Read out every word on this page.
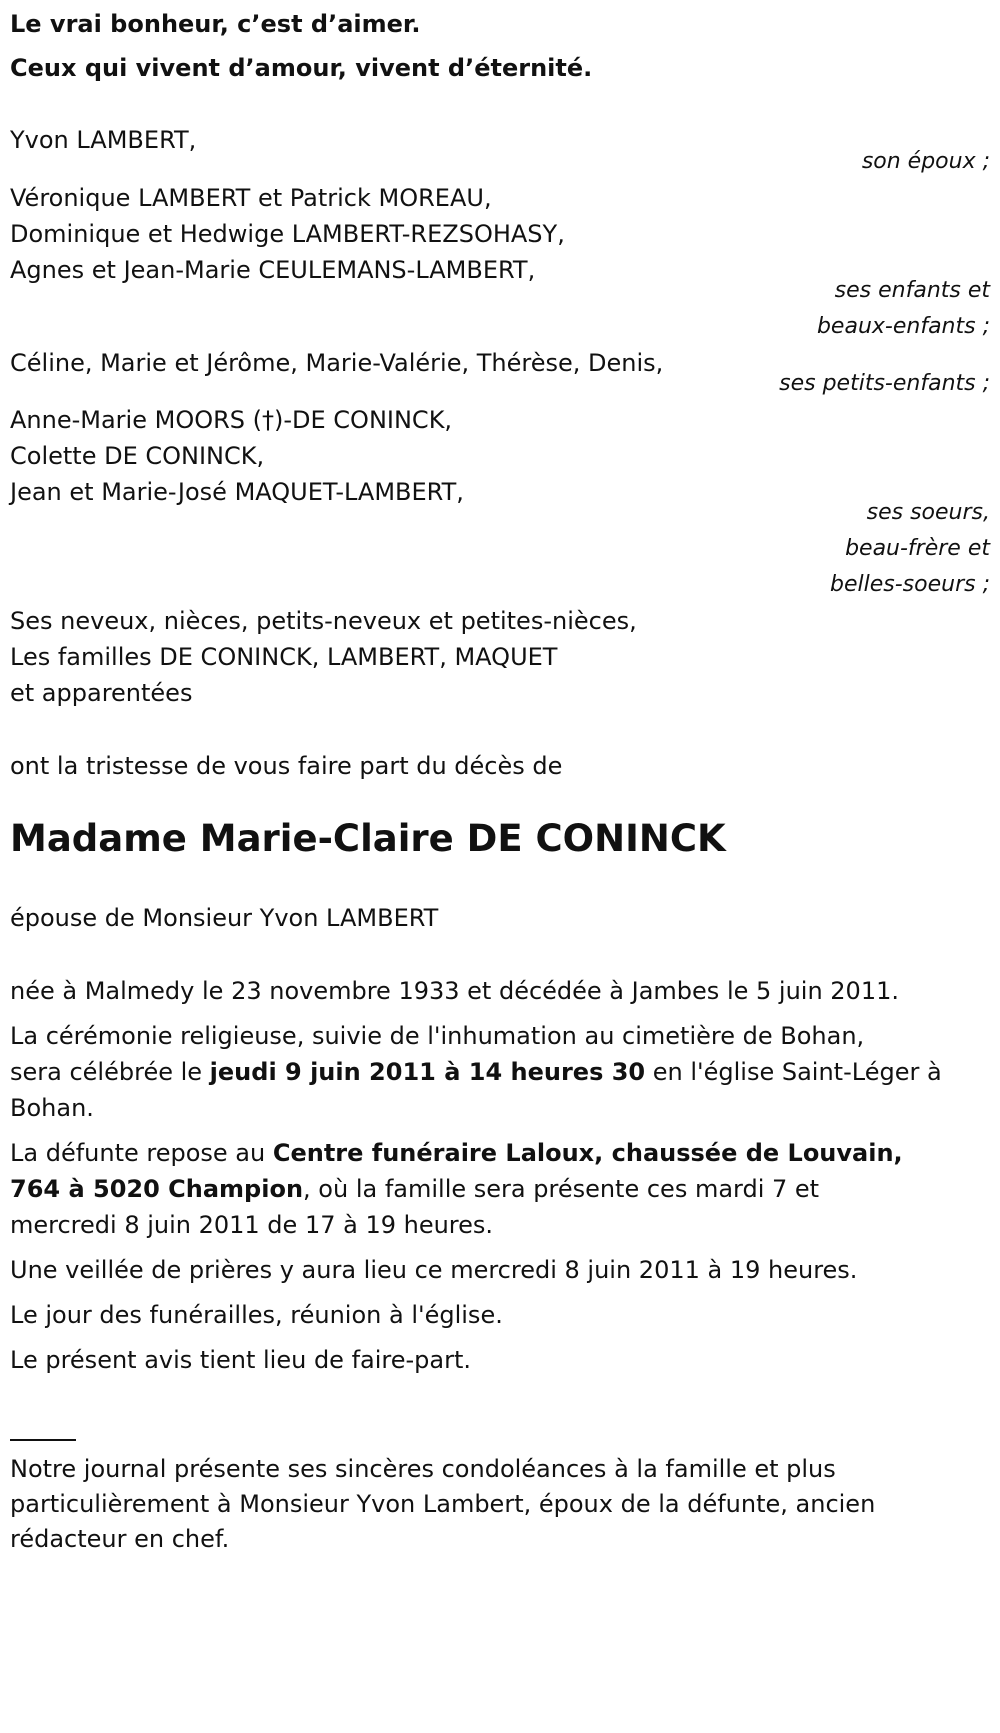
Le vrai bonheur, c’est d’aimer.
Ceux qui vivent d’amour, vivent d’éternité.
Yvon LAMBERT,
son époux ;
Véronique LAMBERT et Patrick MOREAU,
Dominique et Hedwige LAMBERT-REZSOHASY,
Agnes et Jean-Marie CEULEMANS-LAMBERT,
ses enfants et
beaux-enfants ;
Céline, Marie et Jérôme, Marie-Valérie, Thérèse, Denis,
ses petits-enfants ;
Anne-Marie MOORS (†)-DE CONINCK,
Colette DE CONINCK,
Jean et Marie-José MAQUET-LAMBERT,
ses soeurs,
beau-frère et
belles-soeurs ;
Ses neveux, nièces, petits-neveux et petites-nièces,
Les familles DE CONINCK, LAMBERT, MAQUET
et apparentées
ont la tristesse de vous faire part du décès de
Madame Marie-Claire DE CONINCK
épouse de Monsieur Yvon LAMBERT
née à Malmedy le 23 novembre 1933 et décédée à Jambes le 5 juin 2011.
La cérémonie religieuse, suivie de l'inhumation au cimetière de Bohan,
sera célébrée le jeudi 9 juin 2011 à 14 heures 30 en l'église Saint-Léger à
Bohan.
La défunte repose au Centre funéraire Laloux, chaussée de Louvain,
764 à 5020 Champion, où la famille sera présente ces mardi 7 et
mercredi 8 juin 2011 de 17 à 19 heures.
Une veillée de prières y aura lieu ce mercredi 8 juin 2011 à 19 heures.
Le jour des funérailles, réunion à l'église.
Le présent avis tient lieu de faire-part.
Notre journal présente ses sincères condoléances à la famille et plus
particulièrement à Monsieur Yvon Lambert, époux de la défunte, ancien
rédacteur en chef.
